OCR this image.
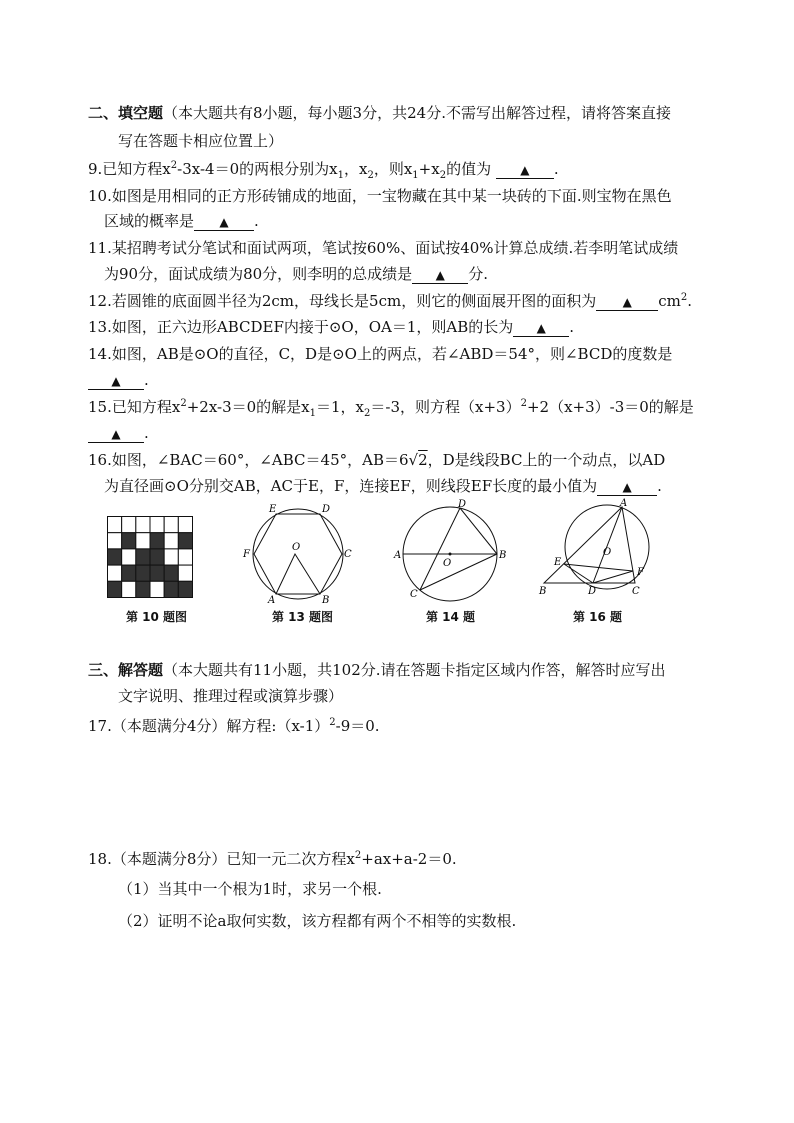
二、填空题（本大题共有8小题，每小题3分，共24分.不需写出解答过程，请将答案直接
写在答题卡相应位置上）
9.已知方程$x^2-3x-4=0$的两根分别为$x_1$，$x_2$，则$x_1+x_2$的值为 ▲ .
10.如图是用相同的正方形砖铺成的地面，一宝物藏在其中某一块砖的下面.则宝物在黑色
区域的概率是 ▲ .
11.某招聘考试分笔试和面试两项，笔试按60%、面试按40%计算总成绩.若李明笔试成绩
为90分，面试成绩为80分，则李明的总成绩是 ▲ 分.
12.若圆锥的底面圆半径为2cm，母线长是5cm，则它的侧面展开图的面积为 ▲ $cm^2$.
13.如图，正六边形ABCDEF内接于⊙O，OA＝1，则AB的长为 ▲ .
14.如图，AB是⊙O的直径，C，D是⊙O上的两点，若∠ABD＝54°，则∠BCD的度数是
▲ .
15.已知方程$x^2+2x-3=0$的解是$x_1=1$，$x_2=-3$，则方程$(x+3)^2+2(x+3)-3=0$的解是
▲ .
16.如图，∠BAC＝60°，∠ABC＝45°，AB＝6√2，D是线段BC上的一个动点，以AD
为直径画⊙O分别交AB，AC于E，F，连接EF，则线段EF长度的最小值为 ▲ .
第 10 题图
E	D
F
O
C
A	B
第 13 题图
D
A
O
B
C
第 14 题
A
O
E
F
B	D	C
第 16 题
三、解答题（本大题共有11小题，共102分.请在答题卡指定区域内作答，解答时应写出
文字说明、推理过程或演算步骤）
17.（本题满分4分）解方程$:(x-1)^2-9=0$.
18.（本题满分8分）已知一元二次方程$x^2+ax+a-2=0$.
（1）当其中一个根为1时，求另一个根.
（2）证明不论a取何实数，该方程都有两个不相等的实数根.
